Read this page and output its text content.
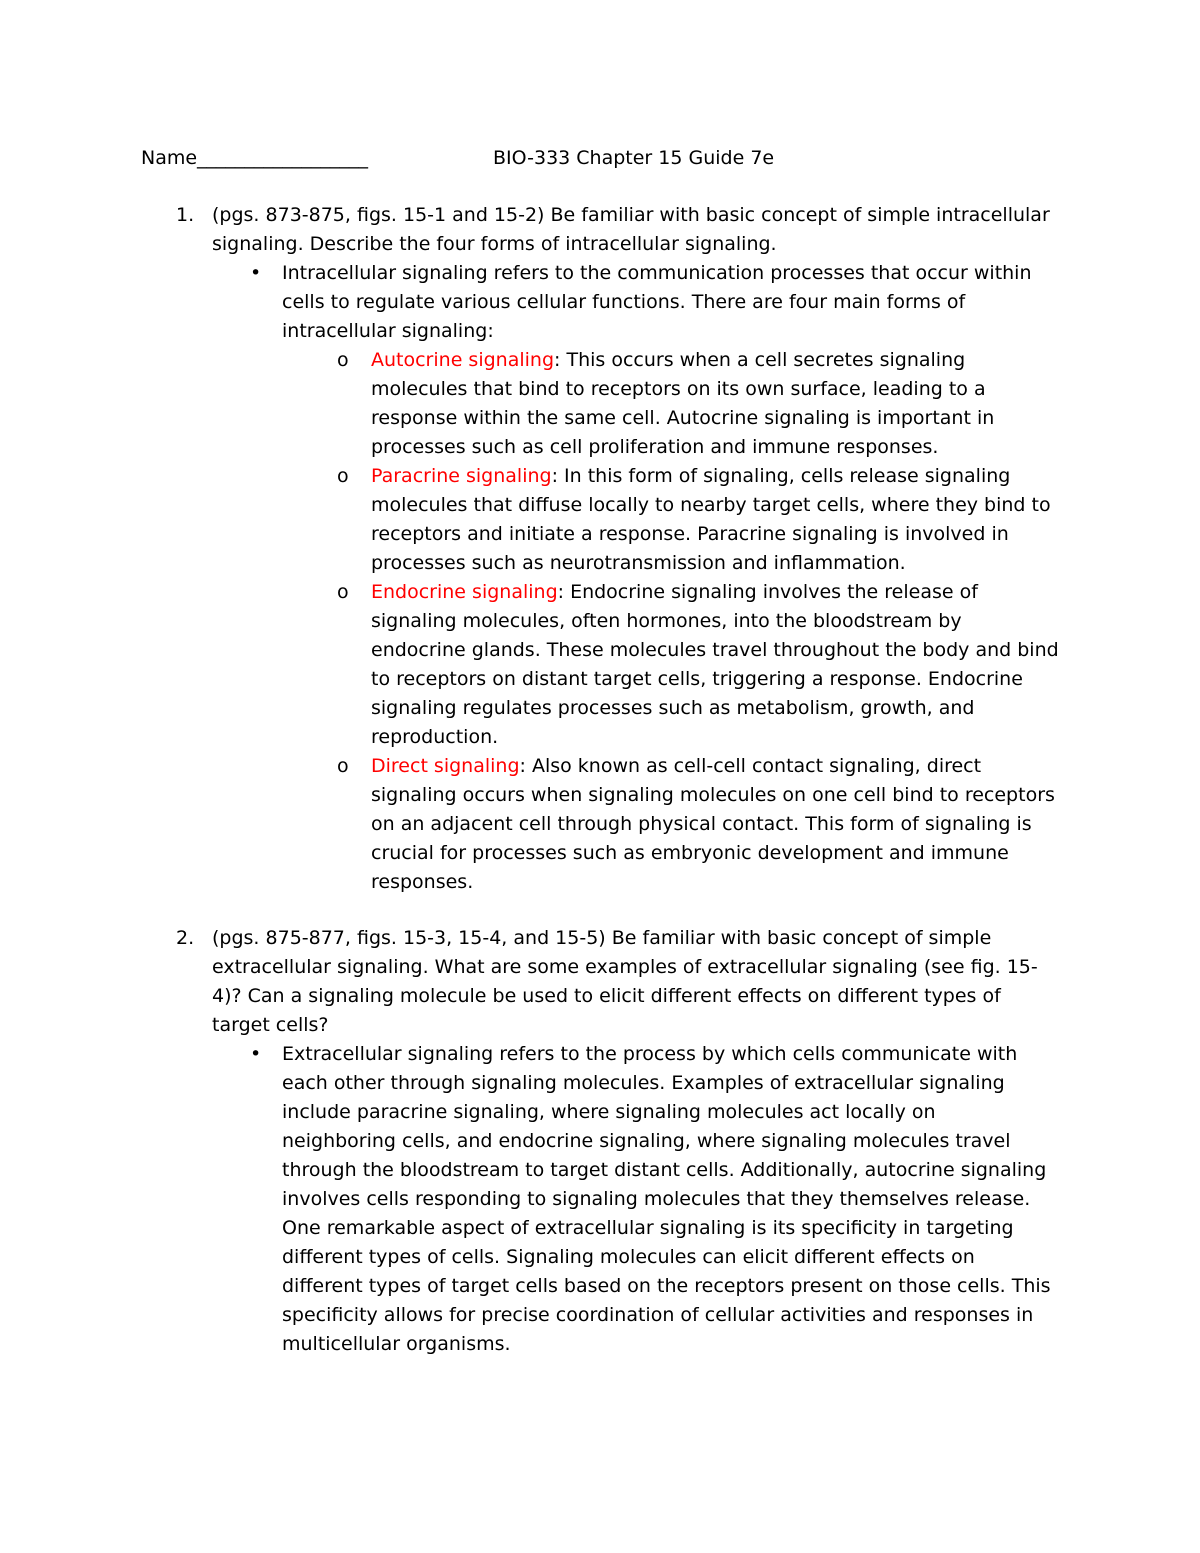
Name__________________	BIO-333 Chapter 15 Guide 7e
1. (pgs. 873-875, figs. 15-1 and 15-2) Be familiar with basic concept of simple intracellular signaling. Describe the four forms of intracellular signaling.
• Intracellular signaling refers to the communication processes that occur within cells to regulate various cellular functions. There are four main forms of intracellular signaling:
o Autocrine signaling: This occurs when a cell secretes signaling molecules that bind to receptors on its own surface, leading to a response within the same cell. Autocrine signaling is important in processes such as cell proliferation and immune responses.
o Paracrine signaling: In this form of signaling, cells release signaling molecules that diffuse locally to nearby target cells, where they bind to receptors and initiate a response. Paracrine signaling is involved in processes such as neurotransmission and inflammation.
o Endocrine signaling: Endocrine signaling involves the release of signaling molecules, often hormones, into the bloodstream by endocrine glands. These molecules travel throughout the body and bind to receptors on distant target cells, triggering a response. Endocrine signaling regulates processes such as metabolism, growth, and reproduction.
o Direct signaling: Also known as cell-cell contact signaling, direct signaling occurs when signaling molecules on one cell bind to receptors on an adjacent cell through physical contact. This form of signaling is crucial for processes such as embryonic development and immune responses.
2. (pgs. 875-877, figs. 15-3, 15-4, and 15-5) Be familiar with basic concept of simple extracellular signaling. What are some examples of extracellular signaling (see fig. 15-4)? Can a signaling molecule be used to elicit different effects on different types of target cells?
• Extracellular signaling refers to the process by which cells communicate with each other through signaling molecules. Examples of extracellular signaling include paracrine signaling, where signaling molecules act locally on neighboring cells, and endocrine signaling, where signaling molecules travel through the bloodstream to target distant cells. Additionally, autocrine signaling involves cells responding to signaling molecules that they themselves release. One remarkable aspect of extracellular signaling is its specificity in targeting different types of cells. Signaling molecules can elicit different effects on different types of target cells based on the receptors present on those cells. This specificity allows for precise coordination of cellular activities and responses in multicellular organisms.
